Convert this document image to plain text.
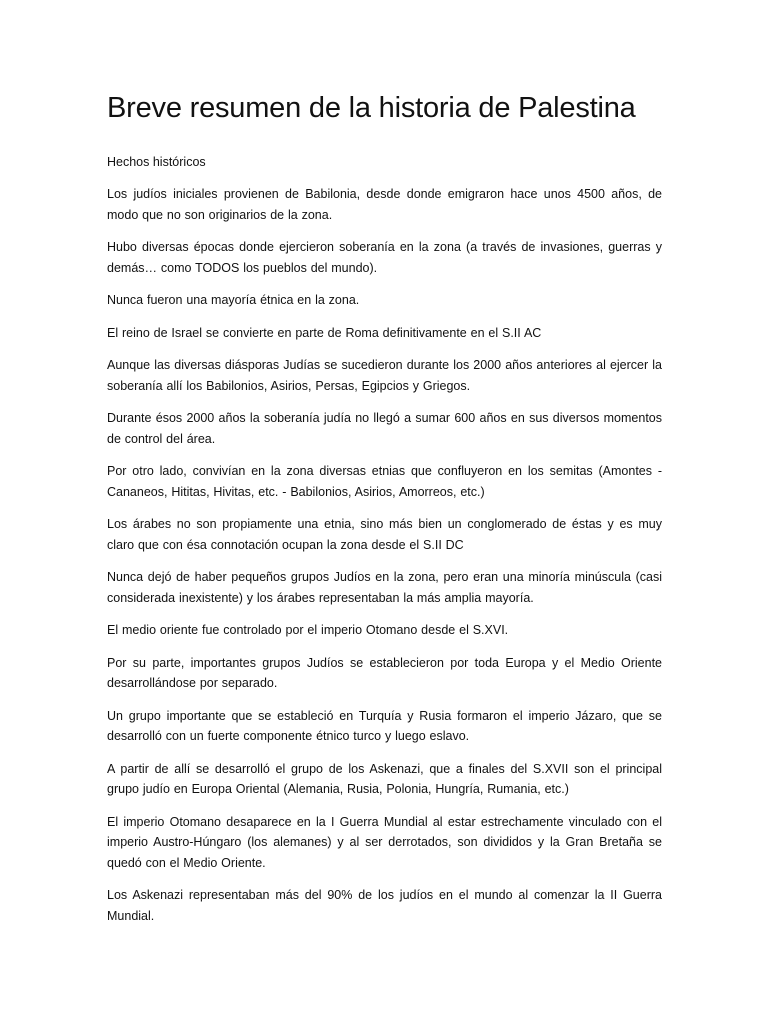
Breve resumen de la historia de Palestina

Hechos históricos

Los judíos iniciales provienen de Babilonia, desde donde emigraron hace unos 4500 años, de modo que no son originarios de la zona.

Hubo diversas épocas donde ejercieron soberanía en la zona (a través de invasiones, guerras y demás… como TODOS los pueblos del mundo).

Nunca fueron una mayoría étnica en la zona.

El reino de Israel se convierte en parte de Roma definitivamente en el S.II AC

Aunque las diversas diásporas Judías se sucedieron durante los 2000 años anteriores al ejercer la soberanía allí los Babilonios, Asirios, Persas, Egipcios y Griegos.

Durante ésos 2000 años la soberanía judía no llegó a sumar 600 años en sus diversos momentos de control del área.

Por otro lado, convivían en la zona diversas etnias que confluyeron en los semitas (Amontes - Cananeos, Hititas, Hivitas, etc. - Babilonios, Asirios, Amorreos, etc.)

Los árabes no son propiamente una etnia, sino más bien un conglomerado de éstas y es muy claro que con ésa connotación ocupan la zona desde el S.II DC

Nunca dejó de haber pequeños grupos Judíos en la zona, pero eran una minoría minúscula (casi considerada inexistente) y los árabes representaban la más amplia mayoría.

El medio oriente fue controlado por el imperio Otomano desde el S.XVI.

Por su parte, importantes grupos Judíos se establecieron por toda Europa y el Medio Oriente desarrollándose por separado.

Un grupo importante que se estableció en Turquía y Rusia formaron el imperio Jázaro, que se desarrolló con un fuerte componente étnico turco y luego eslavo.

A partir de allí se desarrolló el grupo de los Askenazi, que a finales del S.XVII son el principal grupo judío en Europa Oriental (Alemania, Rusia, Polonia, Hungría, Rumania, etc.)

El imperio Otomano desaparece en la I Guerra Mundial al estar estrechamente vinculado con el imperio Austro-Húngaro (los alemanes) y al ser derrotados, son divididos y la Gran Bretaña se quedó con el Medio Oriente.

Los Askenazi representaban más del 90% de los judíos en el mundo al comenzar la II Guerra Mundial.
